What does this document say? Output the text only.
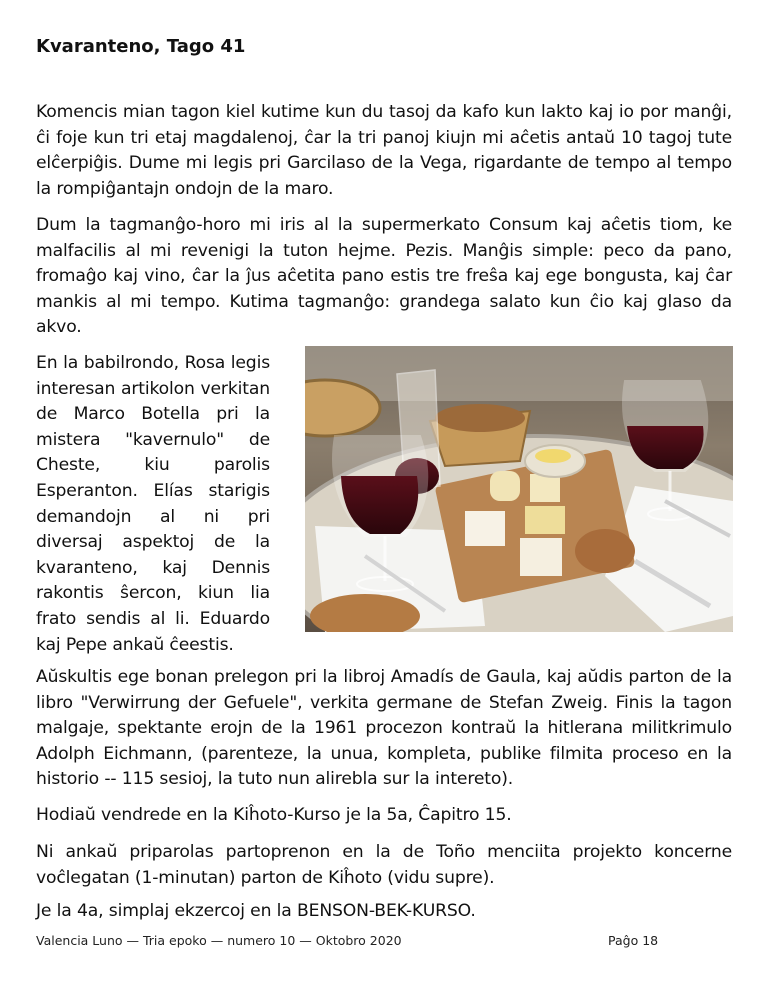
Kvaranteno, Tago 41

Komencis mian tagon kiel kutime kun du tasoj da kafo kun lakto kaj io por manĝi, ĉi foje kun tri etaj magdalenoj, ĉar la tri panoj kiujn mi aĉetis antaŭ 10 tagoj tute elĉerpiĝis. Dume mi legis pri Garcilaso de la Vega, rigardante de tempo al tempo la rompiĝantajn ondojn de la maro.

Dum la tagmanĝo-horo mi iris al la supermerkato Consum kaj aĉetis tiom, ke malfacilis al mi revenigi la tuton hejme. Pezis. Manĝis simple: peco da pano, fromaĝo kaj vino, ĉar la ĵus aĉetita pano estis tre freŝa kaj ege bongusta, kaj ĉar mankis al mi tempo. Kutima tagmanĝo: grandega salato kun ĉio kaj glaso da akvo.

En la babilrondo, Rosa legis interesan artikolon verkitan de Marco Botella pri la mistera "kavernulo" de Cheste, kiu parolis Esperanton. Elías starigis demandojn al ni pri diversaj aspektoj de la kvaranteno, kaj Dennis rakontis ŝercon, kiun lia frato sendis al li. Eduardo kaj Pepe ankaŭ ĉeestis.

Aŭskultis ege bonan prelegon pri la libroj Amadís de Gaula, kaj aŭdis parton de la libro "Verwirrung der Gefuele", verkita germane de Stefan Zweig. Finis la tagon malgaje, spektante erojn de la 1961 procezon kontraŭ la hitlerana militkrimulo Adolph Eichmann, (parenteze, la unua, kompleta, publike filmita proceso en la historio -- 115 sesioj, la tuto nun alirebla sur la intereto).

Hodiaŭ vendrede en la Kiĥoto-Kurso je la 5a, Ĉapitro 15.

Ni ankaŭ priparolas partoprenon en la de Toño menciita projekto koncerne voĉlegatan (1-minutan) parton de Kiĥoto (vidu supre).

Je la 4a, simplaj ekzercoj en la BENSON-BEK-KURSO.

Valencia Luno — Tria epoko — numero 10 — Oktobro 2020	Paĝo 18
